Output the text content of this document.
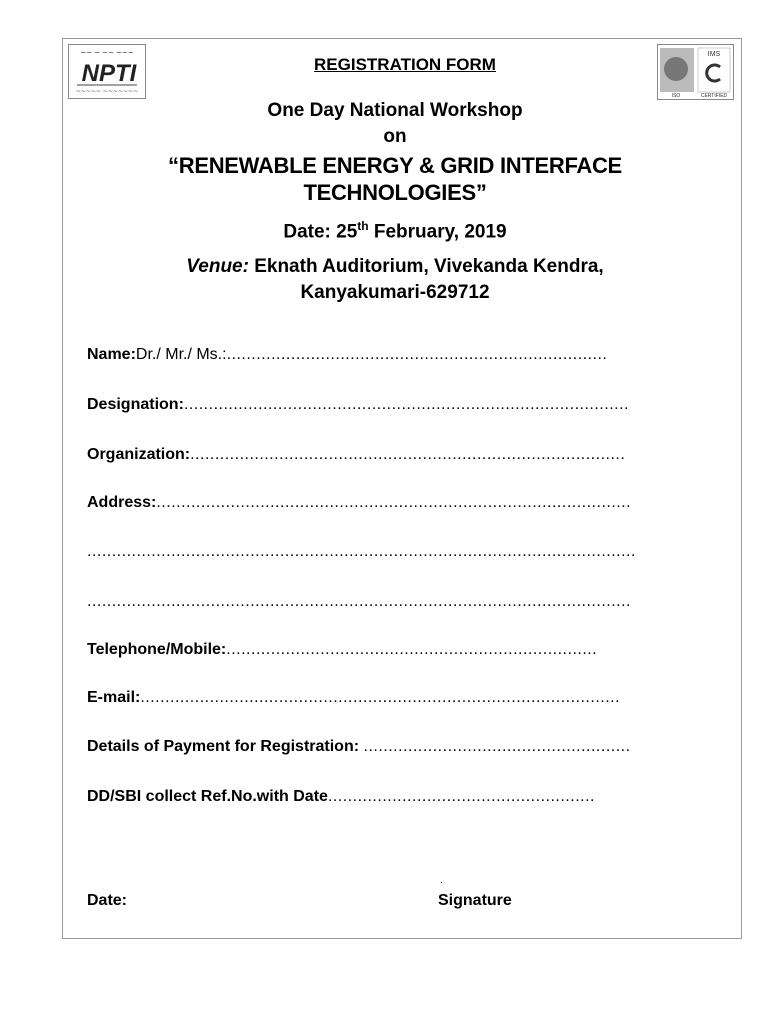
~~ ~ ~~ ~~~
NPTI
~~~~~ ~~~~~~~
IMS
ISO	CERTIFIED
REGISTRATION FORM
One Day National Workshop
on
“RENEWABLE ENERGY & GRID INTERFACE
TECHNOLOGIES”
Date: 25th February, 2019
Venue: Eknath Auditorium, Vivekanda Kendra,
Kanyakumari-629712
Name:Dr./ Mr./ Ms.:.............................................................................
Designation:..........................................................................................
Organization:........................................................................................
Address:................................................................................................
...............................................................................................................
..............................................................................................................
Telephone/Mobile:...........................................................................
E-mail:.................................................................................................
Details of Payment for Registration: ......................................................
DD/SBI collect Ref.No.with Date......................................................
.
Date:	Signature
